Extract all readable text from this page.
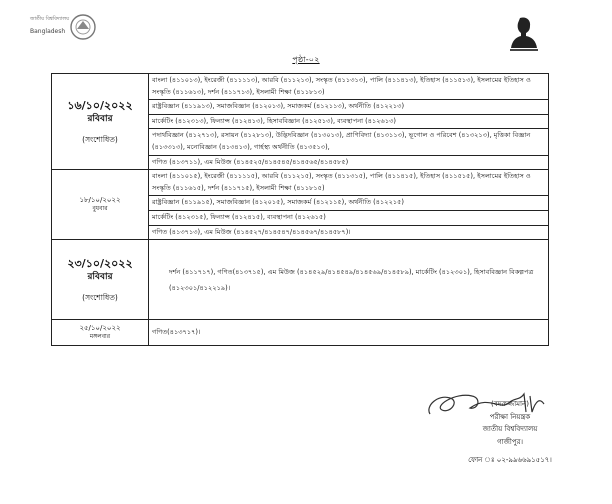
জাতীয় বিশ্ববিদ্যালয়
Bangladesh
পৃষ্ঠা-০২
১৬/১০/২০২২
রবিবার
(সংশোধিত)	বাংলা (৪১১০১৩), ইংরেজী (৪১১১১৩), আরবি (৪১১২১৩), সংস্কৃত (৪১১৩১৩), পালি (৪১১৪১৩), ইতিহাস (৪১১৫১৩), ইসলামের ইতিহাস ও সংস্কৃতি (৪১১৬১৩), দর্শন (৪১১৭১৩), ইসলামী শিক্ষা (৪১১৮১৩)
	রাষ্ট্রবিজ্ঞান (৪১১৯১৩), সমাজবিজ্ঞান (৪১২০১৩), সমাজকর্ম (৪১২১১৩), অর্থনীতি (৪১২২১৩)
	মার্কেটিং (৪১২৩১৩), ফিন্যান্স (৪১২৪১৩), হিসাববিজ্ঞান (৪১২৫১৩), ব্যবস্থাপনা (৪১২৬১৩)
	পদার্থবিজ্ঞান (৪১২৭১৩), রসায়ন (৪১২৮১৩), উদ্ভিদবিজ্ঞান (৪১৩০১৩), প্রাণিবিদ্যা (৪১৩১১৩), ভূগোল ও পরিবেশ (৪১৩২১৩), মৃত্তিকা বিজ্ঞান (৪১৩৩১৩), মনোবিজ্ঞান (৪১৩৪১৩), গার্হস্থ্য অর্থনীতি (৪১৩৫১৩),
	গণিত (৪১৩৭১১), এম মিউজ (৪১৪৫২৫/৪১৪৫৪৫/৪১৪৫৬৫/৪১৪৫৮৫)

১৮/১০/২০২২
বুধবার	বাংলা (৪১১০১৫), ইংরেজী (৪১১১১৫), আরবি (৪১১২১৫), সংস্কৃত (৪১১৩১৫), পালি (৪১১৪১৫), ইতিহাস (৪১১৫১৫), ইসলামের ইতিহাস ও সংস্কৃতি (৪১১৬১৫), দর্শন (৪১১৭১৫), ইসলামী শিক্ষা (৪১১৮১৫)
	রাষ্ট্রবিজ্ঞান (৪১১৯১৫), সমাজবিজ্ঞান (৪১২০১৫), সমাজকর্ম (৪১২১১৫), অর্থনীতি (৪১২২১৫)
	মার্কেটিং (৪১২৩১৫), ফিন্যান্স (৪১২৪১৫), ব্যবস্থাপনা (৪১২৬১৫)
	গণিত (৪১৩৭১৩), এম মিউজ (৪১৪৫২৭/৪১৪৫৪৭/৪১৪৫৬৭/৪১৪৫৮৭)।

২৩/১০/২০২২
রবিবার
(সংশোধিত)	দর্শন (৪১১৭১৭), গণিত(৪১৩৭১৫), এম মিউজ (৪১৪৫২৯/৪১৪৫৪৯/৪১৪৫৬৯/৪১৪৫৮৯), মার্কেটিং (৪১২৩০১), হিসাববিজ্ঞান বিকল্পপত্র (৪১২৩০১/৪১২২১৯)।

২৫/১০/২০২২
মঙ্গলবার	গণিত(৪১৩৭১৭)।
(বদরুজ্জামান)
পরীক্ষা নিয়ন্ত্রক
জাতীয় বিশ্ববিদ্যালয়
গাজীপুর।
ফোন ঃ ০২-৯৯৬৬৯১৫১৭।
